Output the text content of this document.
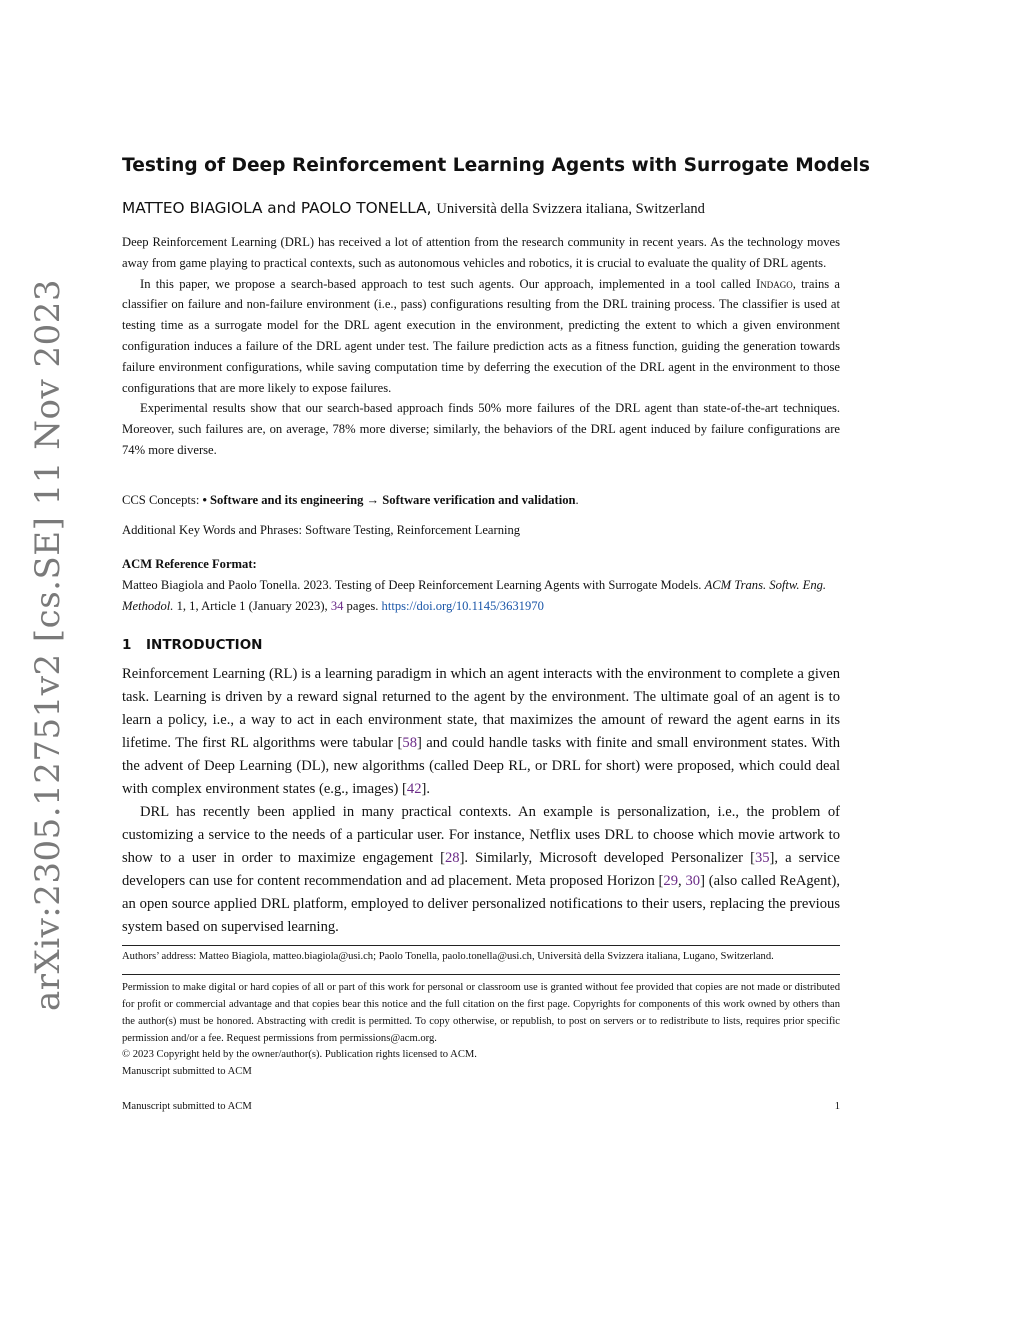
arXiv:2305.12751v2 [cs.SE] 11 Nov 2023
Testing of Deep Reinforcement Learning Agents with Surrogate Models
MATTEO BIAGIOLA and PAOLO TONELLA, Università della Svizzera italiana, Switzerland

Deep Reinforcement Learning (DRL) has received a lot of attention from the research community in recent years. As the technology moves away from game playing to practical contexts, such as autonomous vehicles and robotics, it is crucial to evaluate the quality of DRL agents.

In this paper, we propose a search-based approach to test such agents. Our approach, implemented in a tool called Indago, trains a classifier on failure and non-failure environment (i.e., pass) configurations resulting from the DRL training process. The classifier is used at testing time as a surrogate model for the DRL agent execution in the environment, predicting the extent to which a given environment configuration induces a failure of the DRL agent under test. The failure prediction acts as a fitness function, guiding the generation towards failure environment configurations, while saving computation time by deferring the execution of the DRL agent in the environment to those configurations that are more likely to expose failures.

Experimental results show that our search-based approach finds 50% more failures of the DRL agent than state-of-the-art techniques. Moreover, such failures are, on average, 78% more diverse; similarly, the behaviors of the DRL agent induced by failure configurations are 74% more diverse.

CCS Concepts: • Software and its engineering → Software verification and validation.
Additional Key Words and Phrases: Software Testing, Reinforcement Learning
ACM Reference Format:
Matteo Biagiola and Paolo Tonella. 2023. Testing of Deep Reinforcement Learning Agents with Surrogate Models. ACM Trans. Softw. Eng. Methodol. 1, 1, Article 1 (January 2023), 34 pages. https://doi.org/10.1145/3631970
1 INTRODUCTION

Reinforcement Learning (RL) is a learning paradigm in which an agent interacts with the environment to complete a given task. Learning is driven by a reward signal returned to the agent by the environment. The ultimate goal of an agent is to learn a policy, i.e., a way to act in each environment state, that maximizes the amount of reward the agent earns in its lifetime. The first RL algorithms were tabular [58] and could handle tasks with finite and small environment states. With the advent of Deep Learning (DL), new algorithms (called Deep RL, or DRL for short) were proposed, which could deal with complex environment states (e.g., images) [42].

DRL has recently been applied in many practical contexts. An example is personalization, i.e., the problem of customizing a service to the needs of a particular user. For instance, Netflix uses DRL to choose which movie artwork to show to a user in order to maximize engagement [28]. Similarly, Microsoft developed Personalizer [35], a service developers can use for content recommendation and ad placement. Meta proposed Horizon [29, 30] (also called ReAgent), an open source applied DRL platform, employed to deliver personalized notifications to their users, replacing the previous system based on supervised learning.

Authors’ address: Matteo Biagiola, matteo.biagiola@usi.ch; Paolo Tonella, paolo.tonella@usi.ch, Università della Svizzera italiana, Lugano, Switzerland.
Permission to make digital or hard copies of all or part of this work for personal or classroom use is granted without fee provided that copies are not made or distributed for profit or commercial advantage and that copies bear this notice and the full citation on the first page. Copyrights for components of this work owned by others than the author(s) must be honored. Abstracting with credit is permitted. To copy otherwise, or republish, to post on servers or to redistribute to lists, requires prior specific permission and/or a fee. Request permissions from permissions@acm.org.
© 2023 Copyright held by the owner/author(s). Publication rights licensed to ACM.
Manuscript submitted to ACM
Manuscript submitted to ACM	1
